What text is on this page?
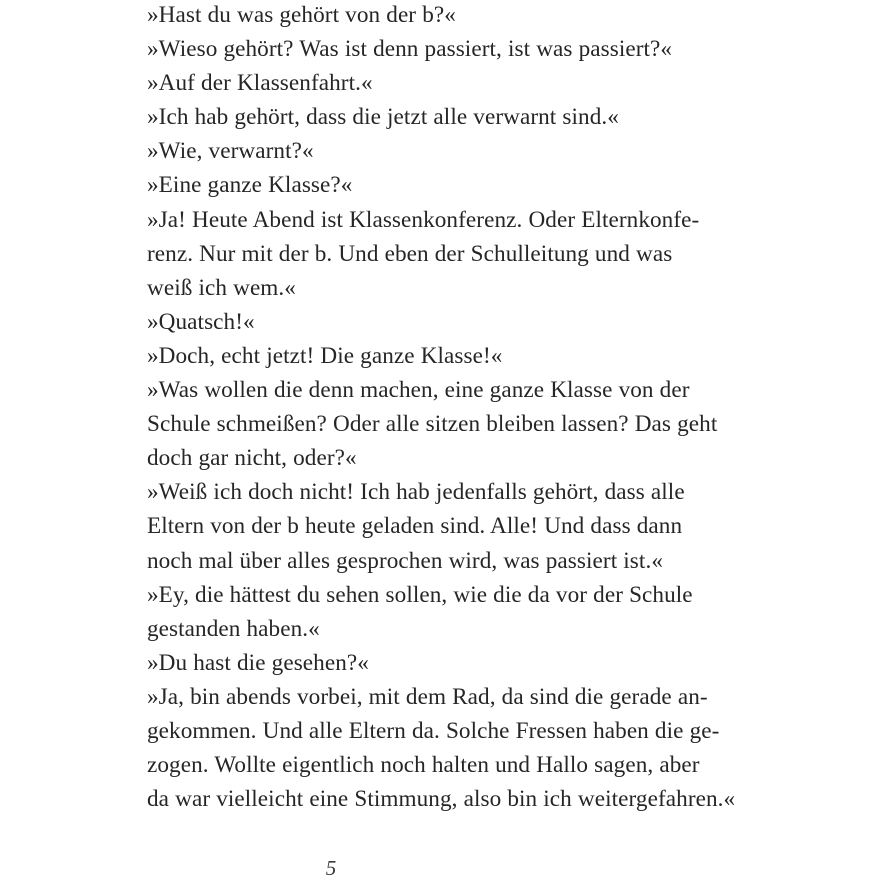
»Hast du was gehört von der b?«

»Wieso gehört? Was ist denn passiert, ist was passiert?«

»Auf der Klassenfahrt.«

»Ich hab gehört, dass die jetzt alle verwarnt sind.«

»Wie, verwarnt?«

»Eine ganze Klasse?«

»Ja! Heute Abend ist Klassenkonferenz. Oder Elternkonfe-
renz. Nur mit der b. Und eben der Schulleitung und was
weiß ich wem.«

»Quatsch!«

»Doch, echt jetzt! Die ganze Klasse!«

»Was wollen die denn machen, eine ganze Klasse von der
Schule schmeißen? Oder alle sitzen bleiben lassen? Das geht
doch gar nicht, oder?«

»Weiß ich doch nicht! Ich hab jedenfalls gehört, dass alle
Eltern von der b heute geladen sind. Alle! Und dass dann
noch mal über alles gesprochen wird, was passiert ist.«

»Ey, die hättest du sehen sollen, wie die da vor der Schule
gestanden haben.«

»Du hast die gesehen?«

»Ja, bin abends vorbei, mit dem Rad, da sind die gerade an-
gekommen. Und alle Eltern da. Solche Fressen haben die ge-
zogen. Wollte eigentlich noch halten und Hallo sagen, aber
da war vielleicht eine Stimmung, also bin ich weitergefahren.«

5
